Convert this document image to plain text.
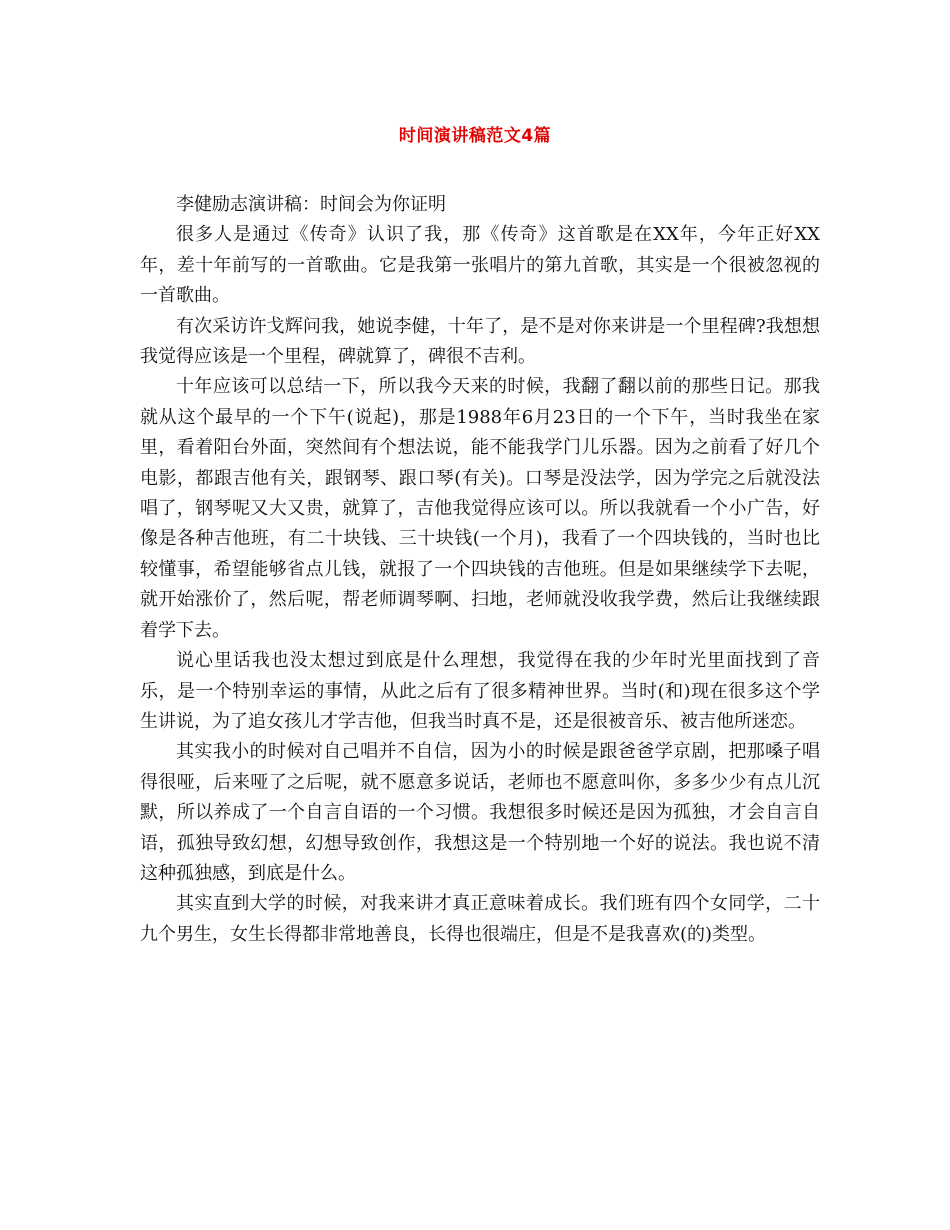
时间演讲稿范文4篇

李健励志演讲稿：时间会为你证明

很多人是通过《传奇》认识了我，那《传奇》这首歌是在XX年，今年正好XX年，差十年前写的一首歌曲。它是我第一张唱片的第九首歌，其实是一个很被忽视的一首歌曲。

有次采访许戈辉问我，她说李健，十年了，是不是对你来讲是一个里程碑?我想想我觉得应该是一个里程，碑就算了，碑很不吉利。

十年应该可以总结一下，所以我今天来的时候，我翻了翻以前的那些日记。那我就从这个最早的一个下午(说起)，那是1988年6月23日的一个下午，当时我坐在家里，看着阳台外面，突然间有个想法说，能不能我学门儿乐器。因为之前看了好几个电影，都跟吉他有关，跟钢琴、跟口琴(有关)。口琴是没法学，因为学完之后就没法唱了，钢琴呢又大又贵，就算了，吉他我觉得应该可以。所以我就看一个小广告，好像是各种吉他班，有二十块钱、三十块钱(一个月)，我看了一个四块钱的，当时也比较懂事，希望能够省点儿钱，就报了一个四块钱的吉他班。但是如果继续学下去呢，就开始涨价了，然后呢，帮老师调琴啊、扫地，老师就没收我学费，然后让我继续跟着学下去。

说心里话我也没太想过到底是什么理想，我觉得在我的少年时光里面找到了音乐，是一个特别幸运的事情，从此之后有了很多精神世界。当时(和)现在很多这个学生讲说，为了追女孩儿才学吉他，但我当时真不是，还是很被音乐、被吉他所迷恋。

其实我小的时候对自己唱并不自信，因为小的时候是跟爸爸学京剧，把那嗓子唱得很哑，后来哑了之后呢，就不愿意多说话，老师也不愿意叫你，多多少少有点儿沉默，所以养成了一个自言自语的一个习惯。我想很多时候还是因为孤独，才会自言自语，孤独导致幻想，幻想导致创作，我想这是一个特别地一个好的说法。我也说不清这种孤独感，到底是什么。

其实直到大学的时候，对我来讲才真正意味着成长。我们班有四个女同学，二十九个男生，女生长得都非常地善良，长得也很端庄，但是不是我喜欢(的)类型。
